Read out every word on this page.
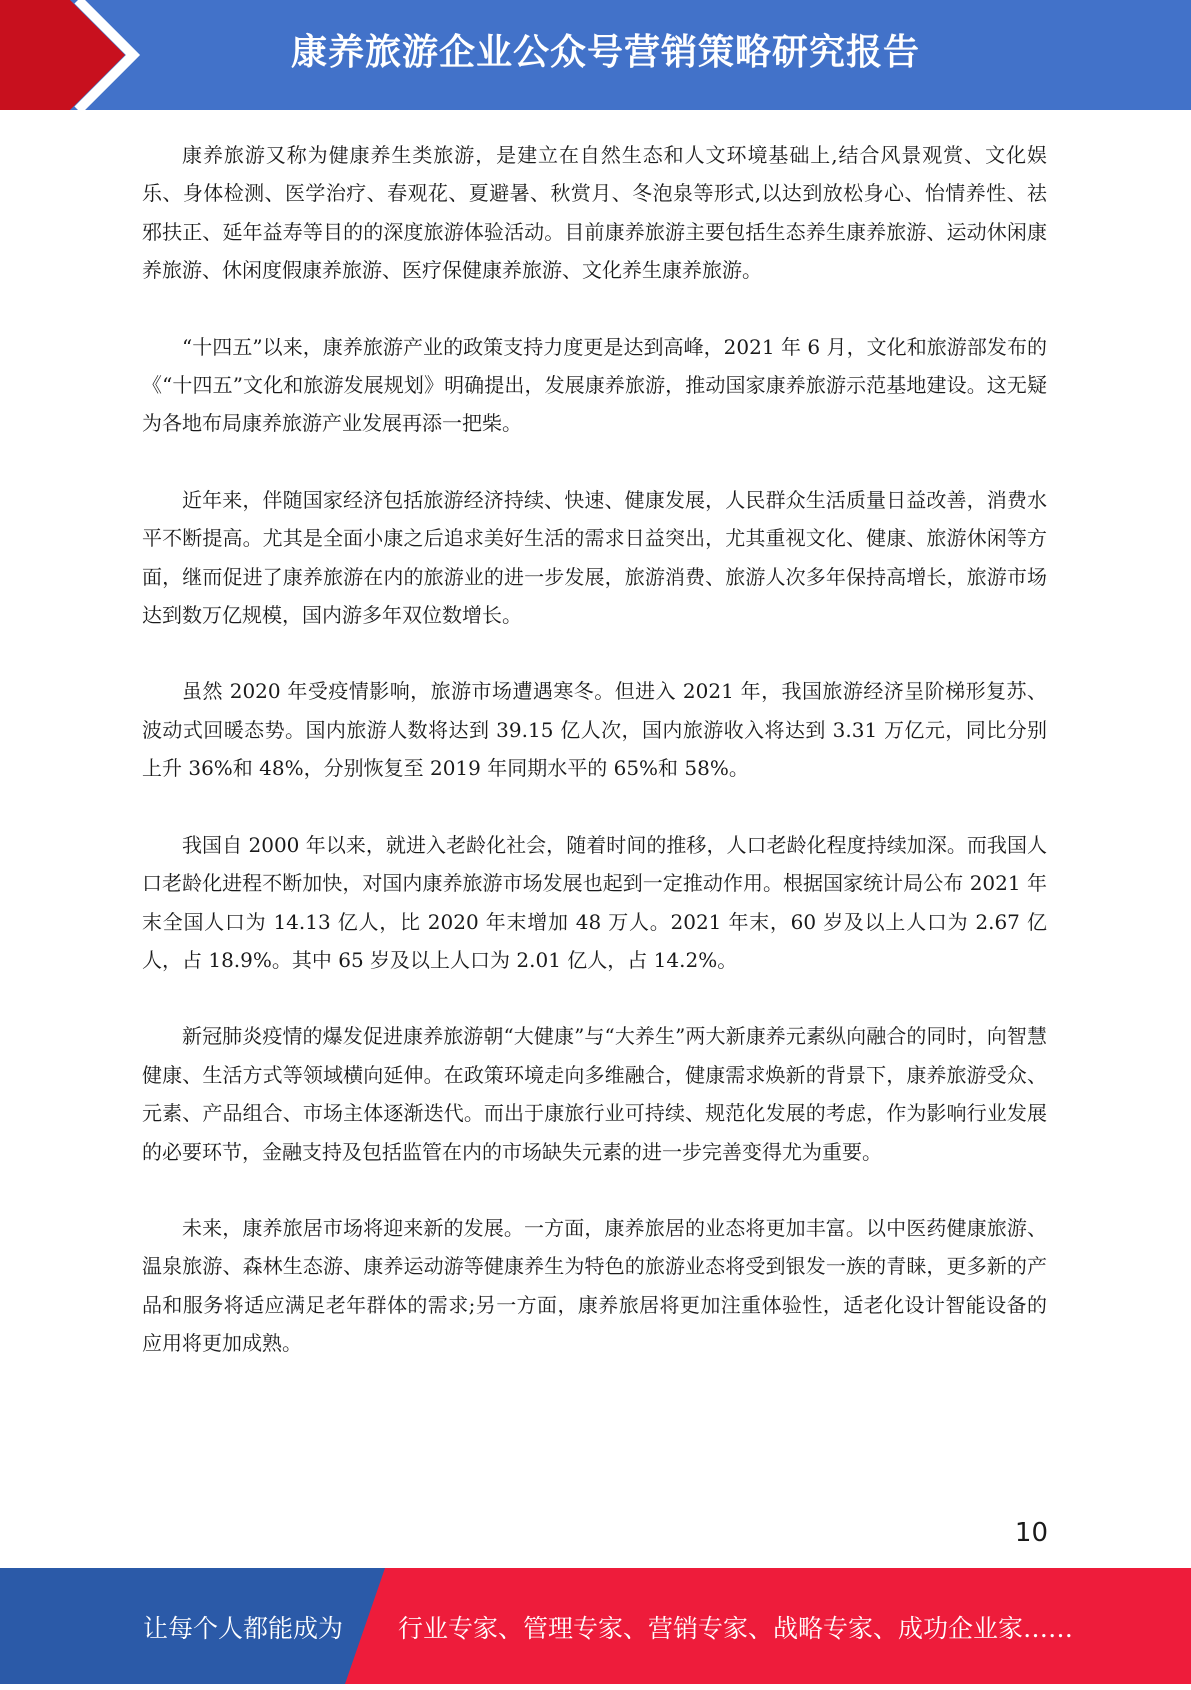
康养旅游企业公众号营销策略研究报告

康养旅游又称为健康养生类旅游，是建立在自然生态和人文环境基础上,结合风景观赏、文化娱乐、身体检测、医学治疗、春观花、夏避暑、秋赏月、冬泡泉等形式,以达到放松身心、怡情养性、祛邪扶正、延年益寿等目的的深度旅游体验活动。目前康养旅游主要包括生态养生康养旅游、运动休闲康养旅游、休闲度假康养旅游、医疗保健康养旅游、文化养生康养旅游。

“十四五”以来，康养旅游产业的政策支持力度更是达到高峰，2021 年 6 月，文化和旅游部发布的《“十四五”文化和旅游发展规划》明确提出，发展康养旅游，推动国家康养旅游示范基地建设。这无疑为各地布局康养旅游产业发展再添一把柴。

近年来，伴随国家经济包括旅游经济持续、快速、健康发展，人民群众生活质量日益改善，消费水平不断提高。尤其是全面小康之后追求美好生活的需求日益突出，尤其重视文化、健康、旅游休闲等方面，继而促进了康养旅游在内的旅游业的进一步发展，旅游消费、旅游人次多年保持高增长，旅游市场达到数万亿规模，国内游多年双位数增长。

虽然 2020 年受疫情影响，旅游市场遭遇寒冬。但进入 2021 年，我国旅游经济呈阶梯形复苏、波动式回暖态势。国内旅游人数将达到 39.15 亿人次，国内旅游收入将达到 3.31 万亿元，同比分别上升 36%和 48%，分别恢复至 2019 年同期水平的 65%和 58%。

我国自 2000 年以来，就进入老龄化社会，随着时间的推移，人口老龄化程度持续加深。而我国人口老龄化进程不断加快，对国内康养旅游市场发展也起到一定推动作用。根据国家统计局公布 2021 年末全国人口为 14.13 亿人，比 2020 年末增加 48 万人。2021 年末，60 岁及以上人口为 2.67 亿人，占 18.9%。其中 65 岁及以上人口为 2.01 亿人，占 14.2%。

新冠肺炎疫情的爆发促进康养旅游朝“大健康”与“大养生”两大新康养元素纵向融合的同时，向智慧健康、生活方式等领域横向延伸。在政策环境走向多维融合，健康需求焕新的背景下，康养旅游受众、元素、产品组合、市场主体逐渐迭代。而出于康旅行业可持续、规范化发展的考虑，作为影响行业发展的必要环节，金融支持及包括监管在内的市场缺失元素的进一步完善变得尤为重要。

未来，康养旅居市场将迎来新的发展。一方面，康养旅居的业态将更加丰富。以中医药健康旅游、温泉旅游、森林生态游、康养运动游等健康养生为特色的旅游业态将受到银发一族的青睐，更多新的产品和服务将适应满足老年群体的需求;另一方面，康养旅居将更加注重体验性，适老化设计智能设备的应用将更加成熟。

10
让每个人都能成为 行业专家、管理专家、营销专家、战略专家、成功企业家……
